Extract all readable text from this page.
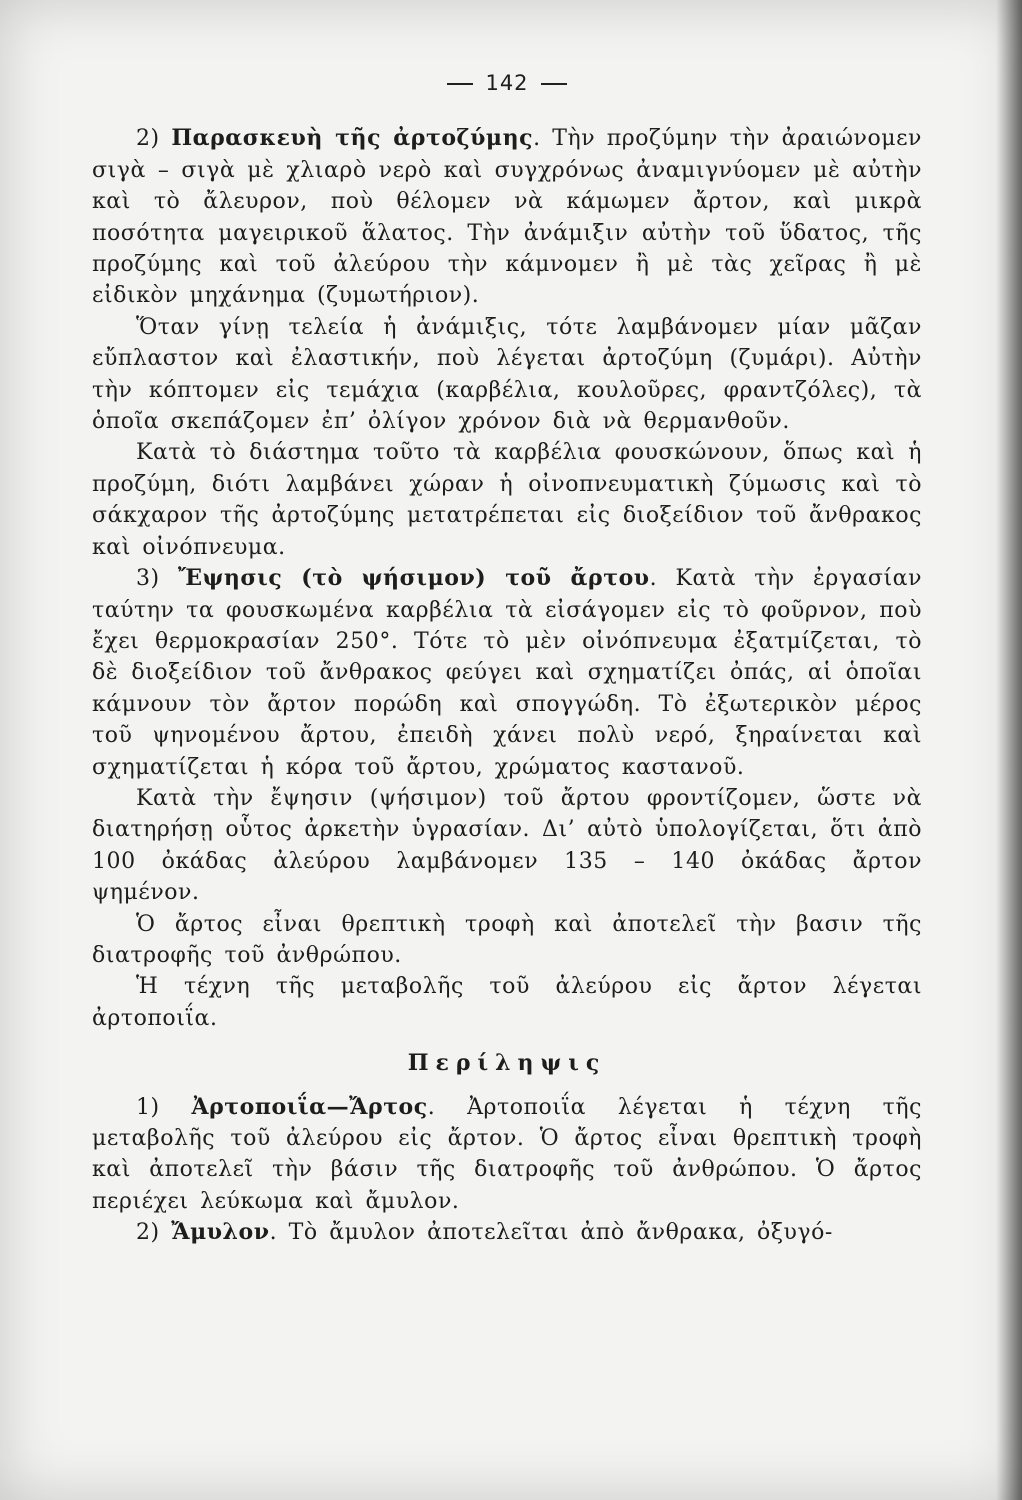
142

2) Παρασκευὴ τῆς ἀρτοζύμης. Τὴν προζύμην τὴν ἀραιώνομεν σιγὰ – σιγὰ μὲ χλιαρὸ νερὸ καὶ συγχρόνως ἀναμιγνύομεν μὲ αὐτὴν καὶ τὸ ἄλευρον, ποὺ θέλομεν νὰ κάμωμεν ἄρτον, καὶ μικρὰ ποσότητα μαγειρικοῦ ἅλατος. Τὴν ἀνάμιξιν αὐτὴν τοῦ ὕδατος, τῆς προζύμης καὶ τοῦ ἀλεύρου τὴν κάμνομεν ἢ μὲ τὰς χεῖρας ἢ μὲ εἰδικὸν μηχάνημα (ζυμωτήριον).

Ὅταν γίνῃ τελεία ἡ ἀνάμιξις, τότε λαμβάνομεν μίαν μᾶζαν εὔπλαστον καὶ ἐλαστικήν, ποὺ λέγεται ἀρτοζύμη (ζυμάρι). Αὐτὴν τὴν κόπτομεν εἰς τεμάχια (καρβέλια, κουλοῦρες, φραντζόλες), τὰ ὁποῖα σκεπάζομεν ἐπ’ ὀλίγον χρόνον διὰ νὰ θερμανθοῦν.

Κατὰ τὸ διάστημα τοῦτο τὰ καρβέλια φουσκώνουν, ὅπως καὶ ἡ προζύμη, διότι λαμβάνει χώραν ἡ οἰνοπνευματικὴ ζύμωσις καὶ τὸ σάκχαρον τῆς ἀρτοζύμης μετατρέπεται εἰς διοξείδιον τοῦ ἄνθρακος καὶ οἰνόπνευμα.

3) Ἔψησις (τὸ ψήσιμον) τοῦ ἄρτου. Κατὰ τὴν ἐργασίαν ταύτην τα φουσκωμένα καρβέλια τὰ εἰσάγομεν εἰς τὸ φοῦρνον, ποὺ ἔχει θερμοκρασίαν 250°. Τότε τὸ μὲν οἰνόπνευμα ἐξατμίζεται, τὸ δὲ διοξείδιον τοῦ ἄνθρακος φεύγει καὶ σχηματίζει ὀπάς, αἱ ὁποῖαι κάμνουν τὸν ἄρτον πορώδη καὶ σπογγώδη. Τὸ ἐξωτερικὸν μέρος τοῦ ψηνομένου ἄρτου, ἐπειδὴ χάνει πολὺ νερό, ξηραίνεται καὶ σχηματίζεται ἡ κόρα τοῦ ἄρτου, χρώματος καστανοῦ.

Κατὰ τὴν ἔψησιν (ψήσιμον) τοῦ ἄρτου φροντίζομεν, ὥστε νὰ διατηρήσῃ οὗτος ἀρκετὴν ὑγρασίαν. Δι’ αὐτὸ ὑπολογίζεται, ὅτι ἀπὸ 100 ὀκάδας ἀλεύρου λαμβάνομεν 135 – 140 ὀκάδας ἄρτον ψημένον.

Ὁ ἄρτος εἶναι θρεπτικὴ τροφὴ καὶ ἀποτελεῖ τὴν βασιν τῆς διατροφῆς τοῦ ἀνθρώπου.

Ἡ τέχνη τῆς μεταβολῆς τοῦ ἀλεύρου εἰς ἄρτον λέγεται ἀρτοποιΐα.

Περίληψις

1) Ἀρτοποιΐα—Ἄρτος. Ἀρτοποιΐα λέγεται ἡ τέχνη τῆς μεταβολῆς τοῦ ἀλεύρου εἰς ἄρτον. Ὁ ἄρτος εἶναι θρεπτικὴ τροφὴ καὶ ἀποτελεῖ τὴν βάσιν τῆς διατροφῆς τοῦ ἀνθρώπου. Ὁ ἄρτος περιέχει λεύκωμα καὶ ἄμυλον.

2) Ἄμυλον. Τὸ ἄμυλον ἀποτελεῖται ἀπὸ ἄνθρακα, ὀξυγό-
